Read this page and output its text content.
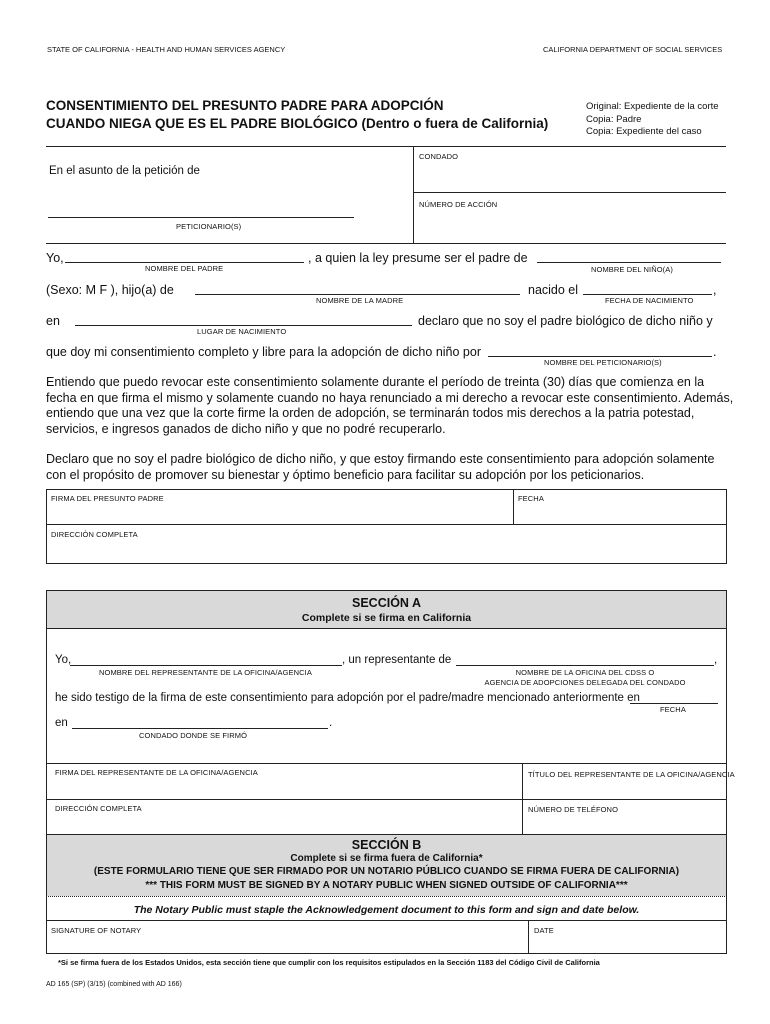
STATE OF CALIFORNIA - HEALTH AND HUMAN SERVICES AGENCY	CALIFORNIA DEPARTMENT OF SOCIAL SERVICES
CONSENTIMIENTO DEL PRESUNTO PADRE PARA ADOPCIÓN
CUANDO NIEGA QUE ES EL PADRE BIOLÓGICO (Dentro o fuera de California)
Original: Expediente de la corte
Copia: Padre
Copia: Expediente del caso
CONDADO
NÚMERO DE ACCIÓN
En el asunto de la petición de
PETICIONARIO(S)
Yo,	, a quien la ley presume ser el padre de
NOMBRE DEL PADRE	NOMBRE DEL NIÑO(A)
(Sexo: M F ), hijo(a) de	nacido el	,
NOMBRE DE LA MADRE	FECHA DE NACIMIENTO
en	declaro que no soy el padre biológico de dicho niño y
LUGAR DE NACIMIENTO
que doy mi consentimiento completo y libre para la adopción de dicho niño por	.
NOMBRE DEL PETICIONARIO(S)
Entiendo que puedo revocar este consentimiento solamente durante el período de treinta (30) días que comienza en la
fecha en que firma el mismo y solamente cuando no haya renunciado a mi derecho a revocar este consentimiento. Además,
entiendo que una vez que la corte firme la orden de adopción, se terminarán todos mis derechos a la patria potestad,
servicios, e ingresos ganados de dicho niño y que no podré recuperarlo.
Declaro que no soy el padre biológico de dicho niño, y que estoy firmando este consentimiento para adopción solamente
con el propósito de promover su bienestar y óptimo beneficio para facilitar su adopción por los peticionarios.
FIRMA DEL PRESUNTO PADRE	FECHA
DIRECCIÓN COMPLETA
SECCIÓN A
Complete si se firma en California
Yo,	, un representante de	,
NOMBRE DEL REPRESENTANTE DE LA OFICINA/AGENCIA	NOMBRE DE LA OFICINA DEL CDSS O
AGENCIA DE ADOPCIONES DELEGADA DEL CONDADO
he sido testigo de la firma de este consentimiento para adopción por el padre/madre mencionado anteriormente en
FECHA
en	.
CONDADO DONDE SE FIRMÓ
FIRMA DEL REPRESENTANTE DE LA OFICINA/AGENCIA	TÍTULO DEL REPRESENTANTE DE LA OFICINA/AGENCIA
DIRECCIÓN COMPLETA	NÚMERO DE TELÉFONO
SECCIÓN B
Complete si se firma fuera de California*
(ESTE FORMULARIO TIENE QUE SER FIRMADO POR UN NOTARIO PÚBLICO CUANDO SE FIRMA FUERA DE CALIFORNIA)
*** THIS FORM MUST BE SIGNED BY A NOTARY PUBLIC WHEN SIGNED OUTSIDE OF CALIFORNIA***
The Notary Public must staple the Acknowledgement document to this form and sign and date below.
SIGNATURE OF NOTARY	DATE
*Si se firma fuera de los Estados Unidos, esta sección tiene que cumplir con los requisitos estipulados en la Sección 1183 del Código Civil de California
AD 165 (SP) (3/15) (combined with AD 166)
